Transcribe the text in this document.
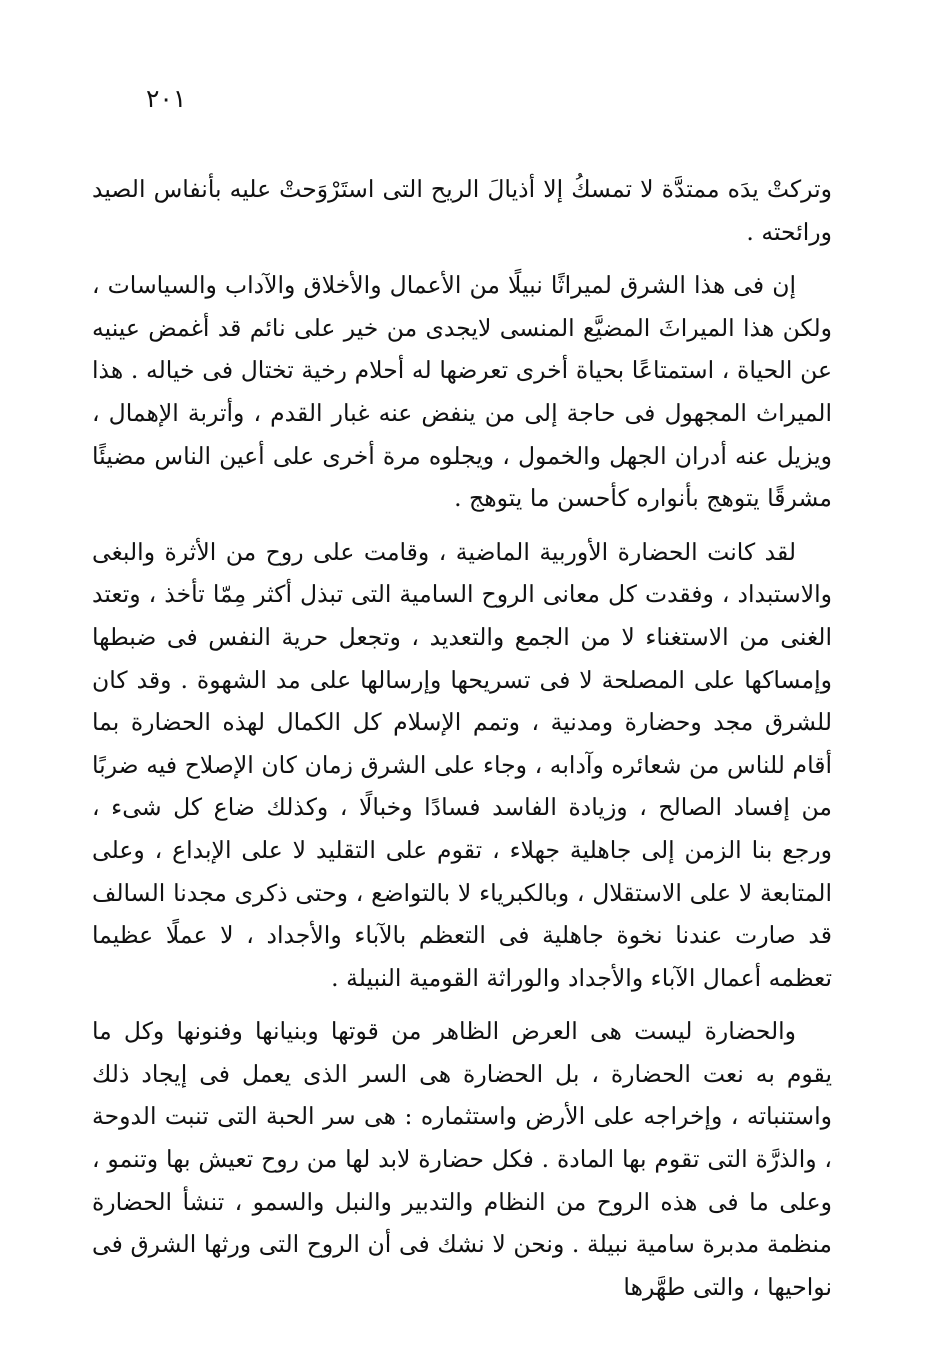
٢٠١

وتركتْ يدَه ممتدَّة لا تمسكُ إلا أذيالَ الريح التى استَرْوَحتْ عليه بأنفاس الصيد ورائحته .

إن فى هذا الشرق لميراثًا نبيلًا من الأعمال والأخلاق والآداب والسياسات ، ولكن هذا الميراثَ المضيَّع المنسى لايجدى من خير على نائم قد أغمض عينيه عن الحياة ، استمتاعًا بحياة أخرى تعرضها له أحلام رخية تختال فى خياله . هذا الميراث المجهول فى حاجة إلى من ينفض عنه غبار القدم ، وأتربة الإهمال ، ويزيل عنه أدران الجهل والخمول ، ويجلوه مرة أخرى على أعين الناس مضيئًا مشرقًا يتوهج بأنواره كأحسن ما يتوهج .

لقد كانت الحضارة الأوربية الماضية ، وقامت على روح من الأثرة والبغى والاستبداد ، وفقدت كل معانى الروح السامية التى تبذل أكثر مِمّا تأخذ ، وتعتد الغنى من الاستغناء لا من الجمع والتعديد ، وتجعل حرية النفس فى ضبطها وإمساكها على المصلحة لا فى تسريحها وإرسالها على مد الشهوة . وقد كان للشرق مجد وحضارة ومدنية ، وتمم الإسلام كل الكمال لهذه الحضارة بما أقام للناس من شعائره وآدابه ، وجاء على الشرق زمان كان الإصلاح فيه ضربًا من إفساد الصالح ، وزيادة الفاسد فسادًا وخبالًا ، وكذلك ضاع كل شىء ، ورجع بنا الزمن إلى جاهلية جهلاء ، تقوم على التقليد لا على الإبداع ، وعلى المتابعة لا على الاستقلال ، وبالكبرياء لا بالتواضع ، وحتى ذكرى مجدنا السالف قد صارت عندنا نخوة جاهلية فى التعظم بالآباء والأجداد ، لا عملًا عظيما تعظمه أعمال الآباء والأجداد والوراثة القومية النبيلة .

والحضارة ليست هى العرض الظاهر من قوتها وبنيانها وفنونها وكل ما يقوم به نعت الحضارة ، بل الحضارة هى السر الذى يعمل فى إيجاد ذلك واستنباته ، وإخراجه على الأرض واستثماره : هى سر الحبة التى تنبت الدوحة ، والذرَّة التى تقوم بها المادة . فكل حضارة لابد لها من روح تعيش بها وتنمو ، وعلى ما فى هذه الروح من النظام والتدبير والنبل والسمو ، تنشأ الحضارة منظمة مدبرة سامية نبيلة . ونحن لا نشك فى أن الروح التى ورثها الشرق فى نواحيها ، والتى طهَّرها
